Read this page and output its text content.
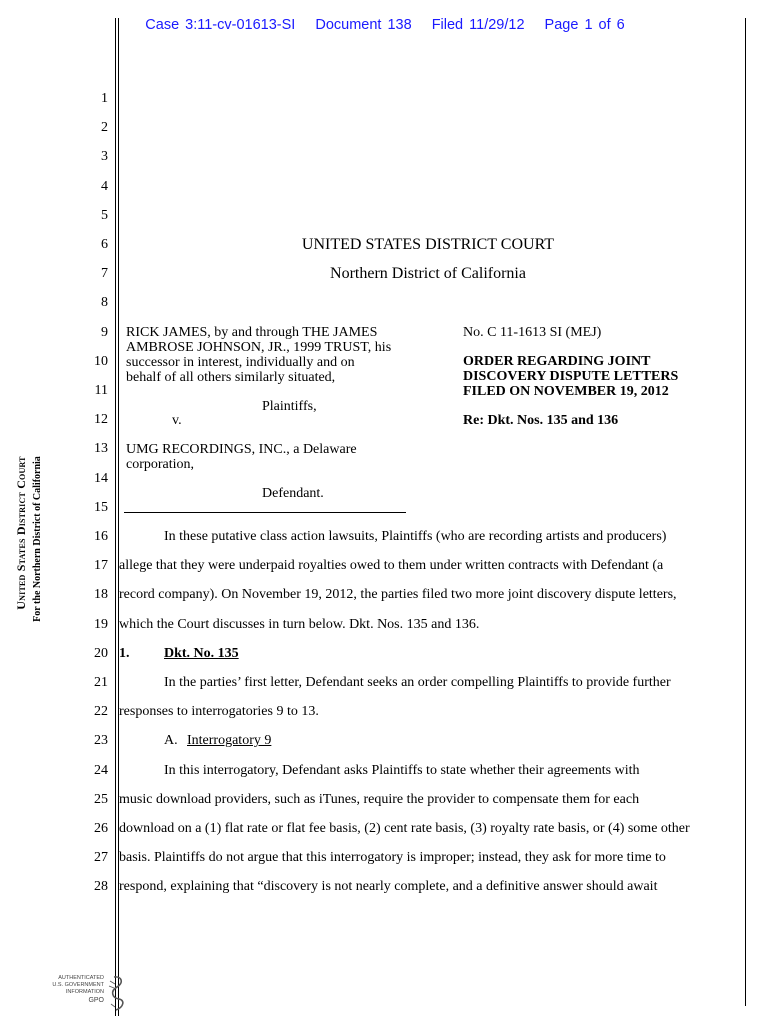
Case 3:11-cv-01613-SI Document 138 Filed 11/29/12 Page 1 of 6
1
2
3
4
5
6
7
8
9
10
11
12
13
14
15
16
17
18
19
20
21
22
23
24
25
26
27
28
United States District Court For the Northern District of California
UNITED STATES DISTRICT COURT
Northern District of California
RICK JAMES, by and through THE JAMES
AMBROSE JOHNSON, JR., 1999 TRUST, his
successor in interest, individually and on
behalf of all others similarly situated,
Plaintiffs,
v.
UMG RECORDINGS, INC., a Delaware
corporation,
Defendant.
No. C 11-1613 SI (MEJ)
ORDER REGARDING JOINT
DISCOVERY DISPUTE LETTERS
FILED ON NOVEMBER 19, 2012
Re: Dkt. Nos. 135 and 136
In these putative class action lawsuits, Plaintiffs (who are recording artists and producers)
allege that they were underpaid royalties owed to them under written contracts with Defendant (a
record company). On November 19, 2012, the parties filed two more joint discovery dispute letters,
which the Court discusses in turn below. Dkt. Nos. 135 and 136.
1. Dkt. No. 135
In the parties’ first letter, Defendant seeks an order compelling Plaintiffs to provide further
responses to interrogatories 9 to 13.
A. Interrogatory 9
In this interrogatory, Defendant asks Plaintiffs to state whether their agreements with
music download providers, such as iTunes, require the provider to compensate them for each
download on a (1) flat rate or flat fee basis, (2) cent rate basis, (3) royalty rate basis, or (4) some other
basis. Plaintiffs do not argue that this interrogatory is improper; instead, they ask for more time to
respond, explaining that “discovery is not nearly complete, and a definitive answer should await
AUTHENTICATED
U.S. GOVERNMENT
INFORMATION
GPO
